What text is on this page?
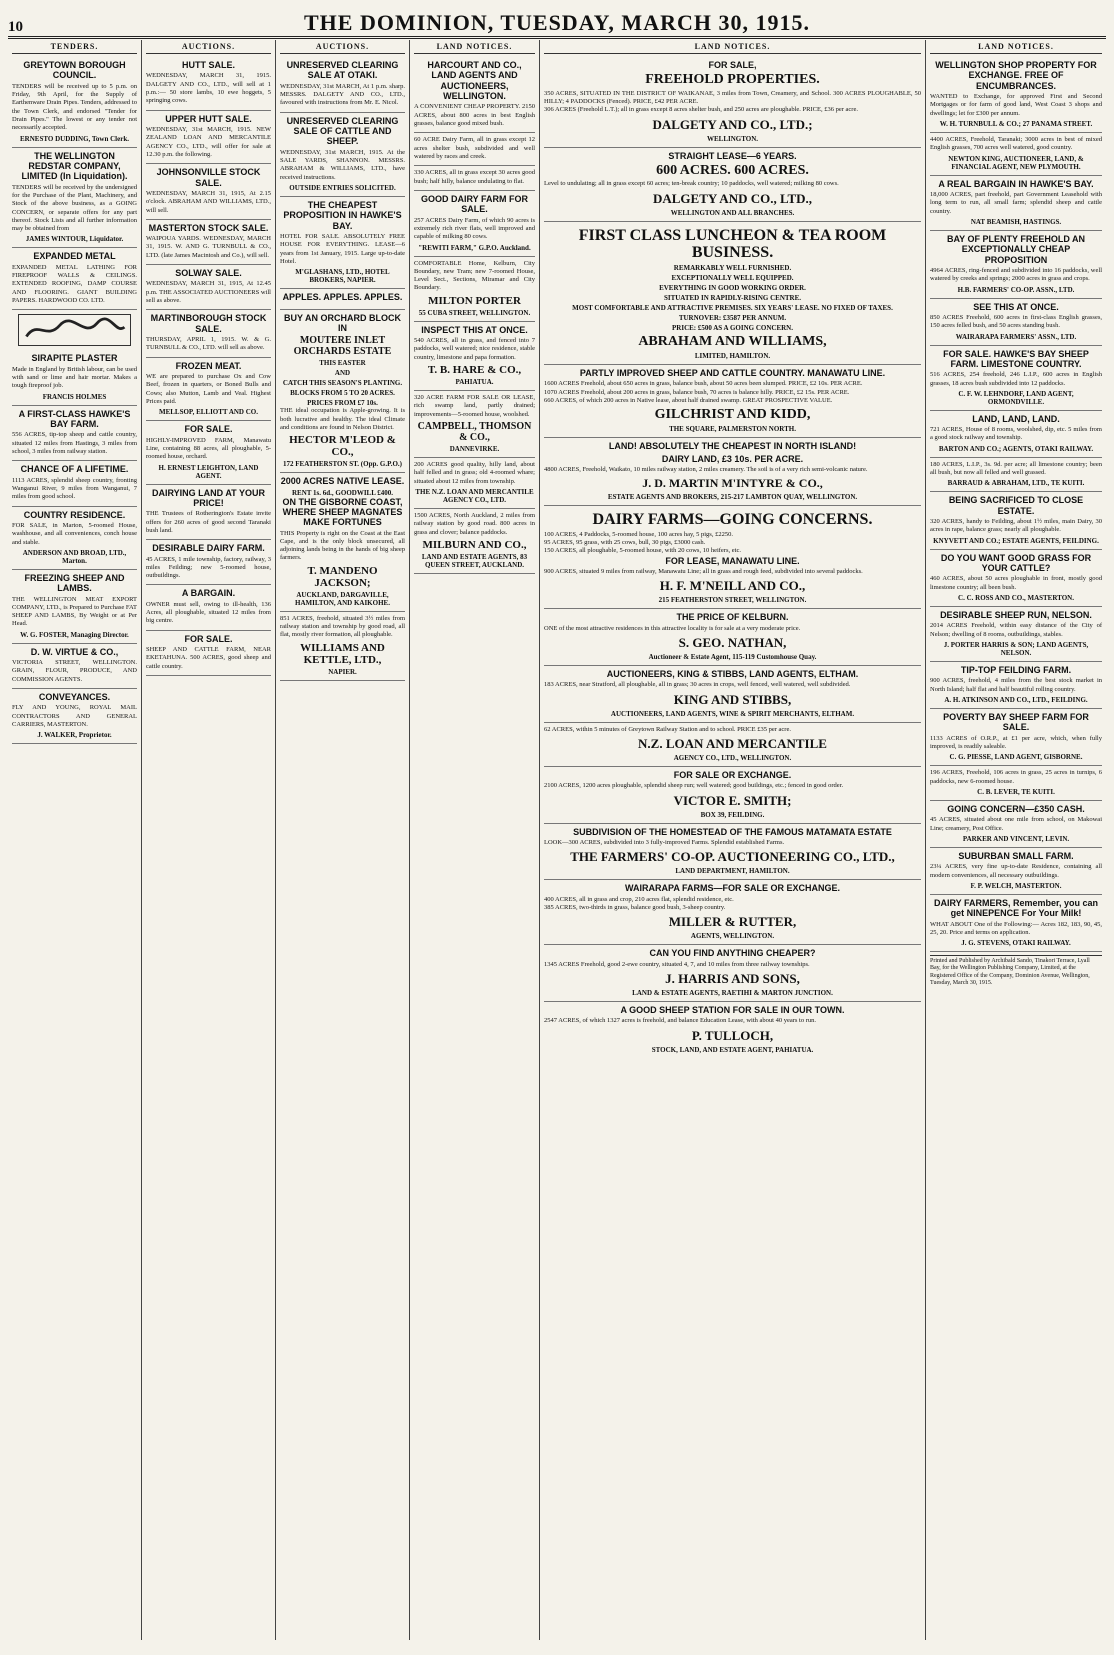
10	THE DOMINION, TUESDAY, MARCH 30, 1915.
TENDERS.
GREYTOWN BOROUGH COUNCIL.

TENDERS will be received up to 5 p.m. on Friday, 9th April, for the Supply of Earthenware Drain Pipes. Tenders, addressed to the Town Clerk, and endorsed "Tender for Drain Pipes." The lowest or any tender not necessarily accepted.

ERNESTO DUDDING, Town Clerk.
THE WELLINGTON REDSTAR COMPANY, LIMITED (In Liquidation).

TENDERS will be received by the undersigned for the Purchase of the Plant, Machinery, and Stock of the above business, as a GOING CONCERN, or separate offers for any part thereof. Stock Lists and all further information may be obtained from

JAMES WINTOUR, Liquidator.
EXPANDED METAL

EXPANDED METAL LATHING FOR FIREPROOF WALLS & CEILINGS. EXTENDED ROOFING, DAMP COURSE AND FLOORING. GIANT BUILDING PAPERS. HARDWOOD CO. LTD.

SIRAPITE PLASTER

Made in England by British labour, can be used with sand or lime and hair mortar. Makes a tough fireproof job.

FRANCIS HOLMES
A FIRST-CLASS HAWKE'S BAY FARM.

556 ACRES, tip-top sheep and cattle country, situated 12 miles from Hastings, 3 miles from school, 3 miles from railway station.

CHANCE OF A LIFETIME.

1113 ACRES, splendid sheep country, fronting Wanganui River, 9 miles from Wanganui, 7 miles from good school.

COUNTRY RESIDENCE.

FOR SALE, in Marton, 5-roomed House, washhouse, and all conveniences, conch house and stable.

ANDERSON AND BROAD, LTD., Marton.
FREEZING SHEEP AND LAMBS.

THE WELLINGTON MEAT EXPORT COMPANY, LTD., is Prepared to Purchase FAT SHEEP AND LAMBS, By Weight or at Per Head.

W. G. FOSTER, Managing Director.
D. W. VIRTUE & CO.,

VICTORIA STREET, WELLINGTON. GRAIN, FLOUR, PRODUCE, AND COMMISSION AGENTS.

CONVEYANCES.

FLY AND YOUNG, ROYAL MAIL CONTRACTORS AND GENERAL CARRIERS, MASTERTON.

J. WALKER, Proprietor.
AUCTIONS.
HUTT SALE.

WEDNESDAY, MARCH 31, 1915. DALGETY AND CO., LTD., will sell at 1 p.m.:— 50 store lambs, 10 ewe hoggets, 5 springing cows.

UPPER HUTT SALE.

WEDNESDAY, 31st MARCH, 1915. NEW ZEALAND LOAN AND MERCANTILE AGENCY CO., LTD., will offer for sale at 12.30 p.m. the following.

JOHNSONVILLE STOCK SALE.

WEDNESDAY, MARCH 31, 1915, At 2.15 o'clock. ABRAHAM AND WILLIAMS, LTD., will sell.

MASTERTON STOCK SALE.

WAIPOUA YARDS. WEDNESDAY, MARCH 31, 1915. W. AND G. TURNBULL & CO., LTD. (late James Macintosh and Co.), will sell.

SOLWAY SALE.

WEDNESDAY, MARCH 31, 1915, At 12.45 p.m. THE ASSOCIATED AUCTIONEERS will sell as above.

MARTINBOROUGH STOCK SALE.

THURSDAY, APRIL 1, 1915. W. & G. TURNBULL & CO., LTD. will sell as above.

FROZEN MEAT.

WE are prepared to purchase Ox and Cow Beef, frozen in quarters, or Boned Bulls and Cows; also Mutton, Lamb and Veal. Highest Prices paid.

MELLSOP, ELLIOTT AND CO.
FOR SALE.

HIGHLY-IMPROVED FARM, Manawatu Line, containing 88 acres, all ploughable, 5-roomed house, orchard.

H. ERNEST LEIGHTON, LAND AGENT.
DAIRYING LAND AT YOUR PRICE!

THE Trustees of Rotherington's Estate invite offers for 260 acres of good second Taranaki bush land.

DESIRABLE DAIRY FARM.

45 ACRES, 1 mile township, factory, railway, 3 miles Feilding; new 5-roomed house, outbuildings.

A BARGAIN.

OWNER must sell, owing to ill-health, 136 Acres, all ploughable, situated 12 miles from big centre.

FOR SALE.

SHEEP AND CATTLE FARM, NEAR EKETAHUNA. 500 ACRES, good sheep and cattle country.

AUCTIONS.
UNRESERVED CLEARING SALE AT OTAKI.

WEDNESDAY, 31st MARCH, At 1 p.m. sharp. MESSRS. DALGETY AND CO., LTD., favoured with instructions from Mr. E. Nicol.

UNRESERVED CLEARING SALE OF CATTLE AND SHEEP.

WEDNESDAY, 31st MARCH, 1915. At the SALE YARDS, SHANNON. MESSRS. ABRAHAM & WILLIAMS, LTD., have received instructions.

OUTSIDE ENTRIES SOLICITED.
THE CHEAPEST PROPOSITION IN HAWKE'S BAY.

HOTEL FOR SALE. ABSOLUTELY FREE HOUSE FOR EVERYTHING. LEASE—6 years from 1st January, 1915. Large up-to-date Hotel.

M'GLASHANS, LTD., HOTEL BROKERS, NAPIER.
APPLES. APPLES. APPLES.
BUY AN ORCHARD BLOCK IN
MOUTERE INLET ORCHARDS ESTATE
THIS EASTER
AND
CATCH THIS SEASON'S PLANTING.
BLOCKS FROM 5 TO 20 ACRES.
PRICES FROM £7 10s.

THE ideal occupation is Apple-growing. It is both lucrative and healthy. The ideal Climate and conditions are found in Nelson District.

HECTOR M'LEOD & CO.,
172 FEATHERSTON ST. (Opp. G.P.O.)
2000 ACRES NATIVE LEASE.
RENT 1s. 6d., GOODWILL £400.
ON THE GISBORNE COAST, WHERE SHEEP MAGNATES MAKE FORTUNES

THIS Property is right on the Coast at the East Cape, and is the only block unsecured, all adjoining lands being in the hands of big sheep farmers.

T. MANDENO JACKSON;
AUCKLAND, DARGAVILLE, HAMILTON, AND KAIKOHE.

851 ACRES, freehold, situated 3½ miles from railway station and township by good road, all flat, mostly river formation, all ploughable.

WILLIAMS AND KETTLE, LTD.,
NAPIER.
LAND NOTICES.
HARCOURT AND CO., LAND AGENTS AND AUCTIONEERS, WELLINGTON.

A CONVENIENT CHEAP PROPERTY. 2150 ACRES, about 800 acres in best English grasses, balance good mixed bush.

60 ACRE Dairy Farm, all in grass except 12 acres shelter bush, subdivided and well watered by races and creek.

330 ACRES, all in grass except 30 acres good bush; half hilly, balance undulating to flat.

GOOD DAIRY FARM FOR SALE.

257 ACRES Dairy Farm, of which 90 acres is extremely rich river flats, well improved and capable of milking 80 cows.

"REWITI FARM," G.P.O. Auckland.

COMFORTABLE Home, Kelburn, City Boundary, new Tram; new 7-roomed House, Level Sect., Sections, Miramar and City Boundary.

MILTON PORTER
55 CUBA STREET, WELLINGTON.
INSPECT THIS AT ONCE.

540 ACRES, all in grass, and fenced into 7 paddocks, well watered; nice residence, stable country, limestone and papa formation.

T. B. HARE & CO.,
PAHIATUA.

320 ACRE FARM FOR SALE OR LEASE, rich swamp land, partly drained; improvements—5-roomed house, woolshed.

CAMPBELL, THOMSON & CO.,
DANNEVIRKE.

200 ACRES good quality, hilly land, about half felled and in grass; old 4-roomed whare; situated about 12 miles from township.

THE N.Z. LOAN AND MERCANTILE AGENCY CO., LTD.

1500 ACRES, North Auckland, 2 miles from railway station by good road. 800 acres in grass and clover; balance paddocks.

MILBURN AND CO.,
LAND AND ESTATE AGENTS, 83 QUEEN STREET, AUCKLAND.
LAND NOTICES.
FOR SALE,
FREEHOLD PROPERTIES.

350 ACRES, SITUATED IN THE DISTRICT OF WAIKANAE, 3 miles from Town, Creamery, and School. 300 ACRES PLOUGHABLE, 50 HILLY; 4 PADDOCKS (Fenced). PRICE, £42 PER ACRE.

306 ACRES (Freehold L.T.); all in grass except 8 acres shelter bush, and 250 acres are ploughable. PRICE, £36 per acre.

DALGETY AND CO., LTD.;
WELLINGTON.
STRAIGHT LEASE—6 YEARS.
600 ACRES. 600 ACRES.

Level to undulating; all in grass except 60 acres; ten-break country; 10 paddocks, well watered; milking 80 cows.

DALGETY AND CO., LTD.,
WELLINGTON AND ALL BRANCHES.
FIRST CLASS LUNCHEON & TEA ROOM BUSINESS.
REMARKABLY WELL FURNISHED.
EXCEPTIONALLY WELL EQUIPPED.
EVERYTHING IN GOOD WORKING ORDER.
SITUATED IN RAPIDLY-RISING CENTRE.
MOST COMFORTABLE AND ATTRACTIVE PREMISES. SIX YEARS' LEASE. NO FIXED OF TAXES.
TURNOVER: £3587 PER ANNUM.
PRICE: £500 AS A GOING CONCERN.
ABRAHAM AND WILLIAMS,
LIMITED, HAMILTON.
PARTLY IMPROVED SHEEP AND CATTLE COUNTRY. MANAWATU LINE.

1600 ACRES Freehold, about 650 acres in grass, balance bush, about 50 acres been slumped. PRICE, £2 10s. PER ACRE.

1070 ACRES Freehold, about 200 acres in grass, balance bush, 70 acres is balance hilly. PRICE, £2 15s. PER ACRE.

660 ACRES, of which 200 acres in Native lease, about half drained swamp. GREAT PROSPECTIVE VALUE.

GILCHRIST AND KIDD,
THE SQUARE, PALMERSTON NORTH.
LAND! ABSOLUTELY THE CHEAPEST IN NORTH ISLAND!
DAIRY LAND, £3 10s. PER ACRE.

4800 ACRES, Freehold, Waikato, 10 miles railway station, 2 miles creamery. The soil is of a very rich semi-volcanic nature.

J. D. MARTIN M'INTYRE & CO.,
ESTATE AGENTS AND BROKERS, 215-217 LAMBTON QUAY, WELLINGTON.
DAIRY FARMS—GOING CONCERNS.

100 ACRES, 4 Paddocks, 5-roomed house, 100 acres hay, 5 pigs, £2250.

95 ACRES, 95 grass, with 25 cows, bull, 30 pigs, £3000 cash.

150 ACRES, all ploughable, 5-roomed house, with 20 cows, 10 heifers, etc.

FOR LEASE, MANAWATU LINE.

900 ACRES, situated 9 miles from railway, Manawatu Line; all in grass and rough feed, subdivided into several paddocks.

H. F. M'NEILL AND CO.,
215 FEATHERSTON STREET, WELLINGTON.
THE PRICE OF KELBURN.

ONE of the most attractive residences in this attractive locality is for sale at a very moderate price.

S. GEO. NATHAN,
Auctioneer & Estate Agent, 115-119 Customhouse Quay.
AUCTIONEERS, KING & STIBBS, LAND AGENTS, ELTHAM.

183 ACRES, near Stratford, all ploughable, all in grass; 30 acres in crops, well fenced, well watered, well subdivided.

KING AND STIBBS,
AUCTIONEERS, LAND AGENTS, WINE & SPIRIT MERCHANTS, ELTHAM.

62 ACRES, within 5 minutes of Greytown Railway Station and to school. PRICE £35 per acre.

N.Z. LOAN AND MERCANTILE
AGENCY CO., LTD., WELLINGTON.
FOR SALE OR EXCHANGE.

2100 ACRES, 1200 acres ploughable, splendid sheep run; well watered; good buildings, etc.; fenced in good order.

VICTOR E. SMITH;
BOX 39, FEILDING.
SUBDIVISION OF THE HOMESTEAD OF THE FAMOUS MATAMATA ESTATE

LOOK—300 ACRES, subdivided into 3 fully-improved Farms. Splendid established Farms.

THE FARMERS' CO-OP. AUCTIONEERING CO., LTD.,
LAND DEPARTMENT, HAMILTON.
WAIRARAPA FARMS—FOR SALE OR EXCHANGE.

400 ACRES, all in grass and crop, 210 acres flat, splendid residence, etc.

385 ACRES, two-thirds in grass, balance good bush, 3-sheep country.

MILLER & RUTTER,
AGENTS, WELLINGTON.
CAN YOU FIND ANYTHING CHEAPER?

1345 ACRES Freehold, good 2-ewe country, situated 4, 7, and 10 miles from three railway townships.

J. HARRIS AND SONS,
LAND & ESTATE AGENTS, RAETIHI & MARTON JUNCTION.
A GOOD SHEEP STATION FOR SALE IN OUR TOWN.

2547 ACRES, of which 1327 acres is freehold, and balance Education Lease, with about 40 years to run.

P. TULLOCH,
STOCK, LAND, AND ESTATE AGENT, PAHIATUA.
LAND NOTICES.
WELLINGTON SHOP PROPERTY FOR EXCHANGE. FREE OF ENCUMBRANCES.

WANTED to Exchange, for approved First and Second Mortgages or for farm of good land, West Coast 3 shops and dwellings; let for £300 per annum.

W. H. TURNBULL & CO.; 27 PANAMA STREET.

4400 ACRES, Freehold, Taranaki; 3000 acres in best of mixed English grasses, 700 acres well watered, good country.

NEWTON KING, AUCTIONEER, LAND, & FINANCIAL AGENT, NEW PLYMOUTH.
A REAL BARGAIN IN HAWKE'S BAY.

18,000 ACRES, part freehold, part Government Leasehold with long term to run, all small farm; splendid sheep and cattle country.

NAT BEAMISH, HASTINGS.
BAY OF PLENTY FREEHOLD AN EXCEPTIONALLY CHEAP PROPOSITION

4964 ACRES, ring-fenced and subdivided into 16 paddocks, well watered by creeks and springs; 2000 acres in grass and crops.

H.B. FARMERS' CO-OP. ASSN., LTD.
SEE THIS AT ONCE.

850 ACRES Freehold, 600 acres in first-class English grasses, 150 acres felled bush, and 50 acres standing bush.

WAIRARAPA FARMERS' ASSN., LTD.
FOR SALE. HAWKE'S BAY SHEEP FARM. LIMESTONE COUNTRY.

516 ACRES, 254 freehold, 246 L.I.P., 600 acres in English grasses, 18 acres bush subdivided into 12 paddocks.

C. F. W. LEHNDORF, LAND AGENT, ORMONDVILLE.
LAND, LAND, LAND.

721 ACRES, House of 8 rooms, woolshed, dip, etc. 5 miles from a good stock railway and township.

BARTON AND CO.; AGENTS, OTAKI RAILWAY.

180 ACRES, L.I.P., 3s. 9d. per acre; all limestone country; been all bush, but now all felled and well grassed.

BARRAUD & ABRAHAM, LTD., TE KUITI.
BEING SACRIFICED TO CLOSE ESTATE.

320 ACRES, handy to Feilding, about 1½ miles, main Dairy, 30 acres in rape, balance grass; nearly all ploughable.

KNYVETT AND CO.; ESTATE AGENTS, FEILDING.
DO YOU WANT GOOD GRASS FOR YOUR CATTLE?

460 ACRES, about 50 acres ploughable in front, mostly good limestone country; all been bush.

C. C. ROSS AND CO., MASTERTON.
DESIRABLE SHEEP RUN, NELSON.

2014 ACRES Freehold, within easy distance of the City of Nelson; dwelling of 8 rooms, outbuildings, stables.

J. PORTER HARRIS & SON; LAND AGENTS, NELSON.
TIP-TOP FEILDING FARM.

900 ACRES, freehold, 4 miles from the best stock market in North Island; half flat and half beautiful rolling country.

A. H. ATKINSON AND CO., LTD., FEILDING.
POVERTY BAY SHEEP FARM FOR SALE.

1133 ACRES of O.R.P., at £1 per acre, which, when fully improved, is readily saleable.

C. G. PIESSE, LAND AGENT, GISBORNE.

196 ACRES, Freehold, 106 acres in grass, 25 acres in turnips, 6 paddocks, new 6-roomed house.

C. B. LEVER, TE KUITI.
GOING CONCERN—£350 CASH.

45 ACRES, situated about one mile from school, on Makowai Line; creamery, Post Office.

PARKER AND VINCENT, LEVIN.
SUBURBAN SMALL FARM.

23¼ ACRES, very fine up-to-date Residence, containing all modern conveniences, all necessary outbuildings.

F. P. WELCH, MASTERTON.
DAIRY FARMERS, Remember, you can get NINEPENCE For Your Milk!

WHAT ABOUT One of the Following:— Acres 182, 183, 90, 45, 25, 20. Price and terms on application.

J. G. STEVENS, OTAKI RAILWAY.
Printed and Published by Archibald Sando, Tinakori Terrace, Lyall Bay, for the Wellington Publishing Company, Limited, at the Registered Office of the Company, Dominion Avenue, Wellington, Tuesday, March 30, 1915.
